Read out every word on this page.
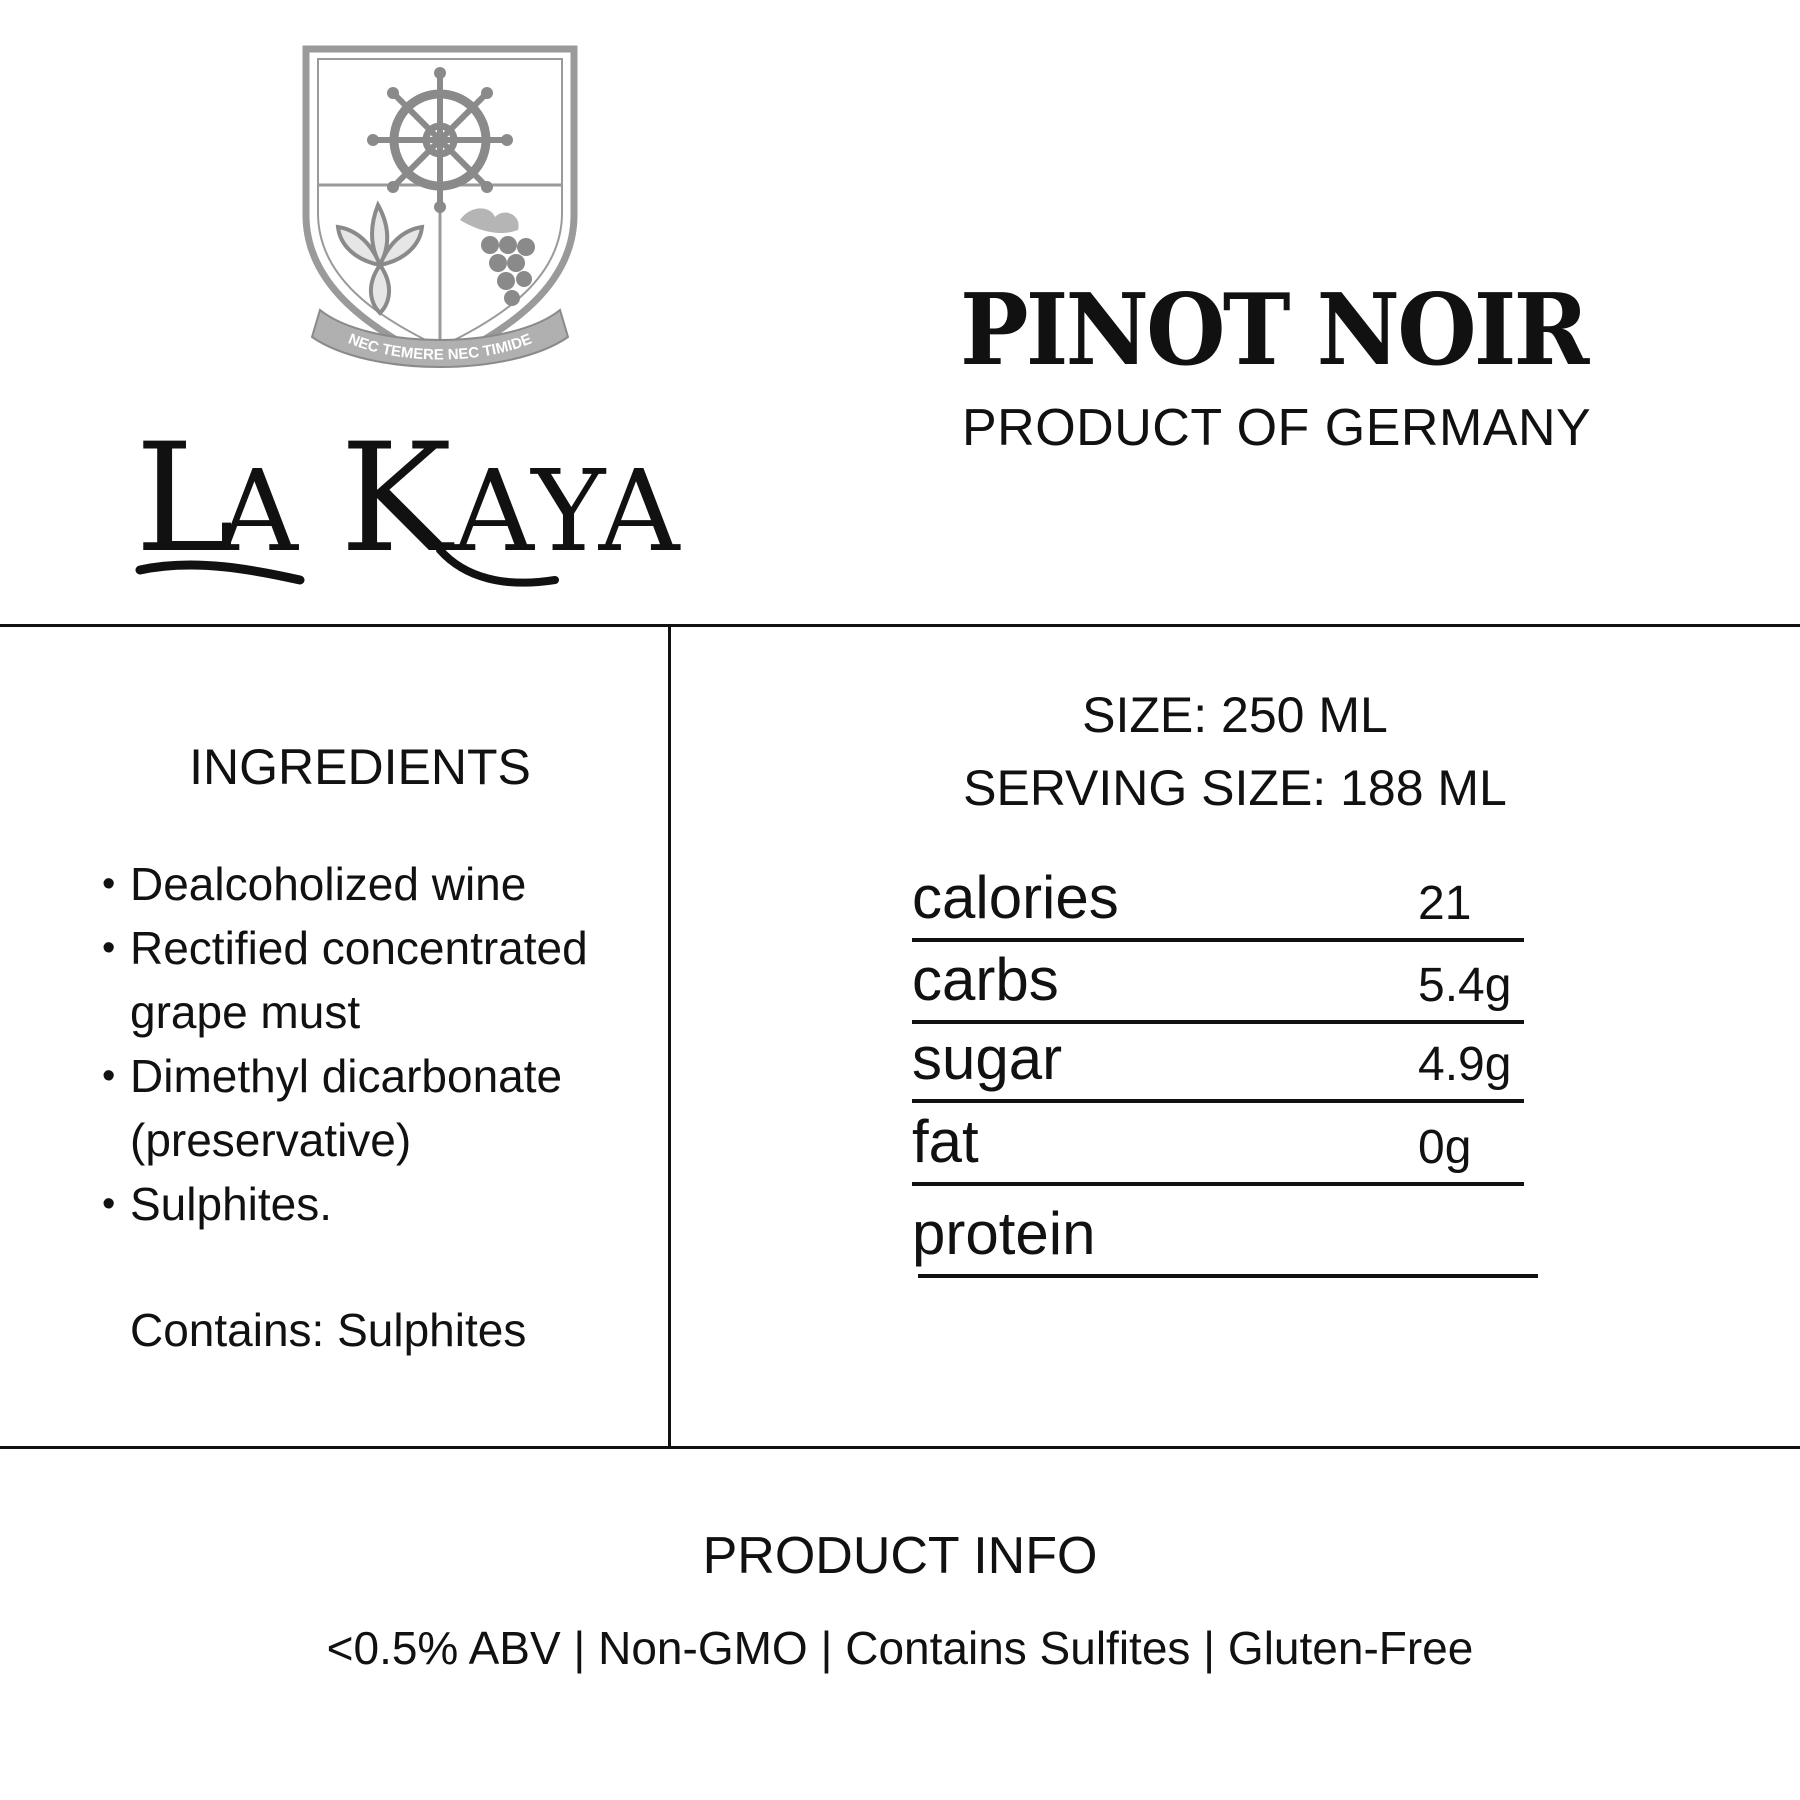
NEC TEMERE NEC TIMIDE
L
A K AYA
PINOT NOIR
PRODUCT OF GERMANY
INGREDIENTS
• Dealcoholized wine
• Rectified concentrated grape must
• Dimethyl dicarbonate (preservative)
• Sulphites.
Contains: Sulphites
SIZE: 250 ML
SERVING SIZE: 188 ML
calories	21
carbs	5.4g
sugar	4.9g
fat	0g
protein
PRODUCT INFO
<0.5% ABV | Non-GMO | Contains Sulfites | Gluten-Free
